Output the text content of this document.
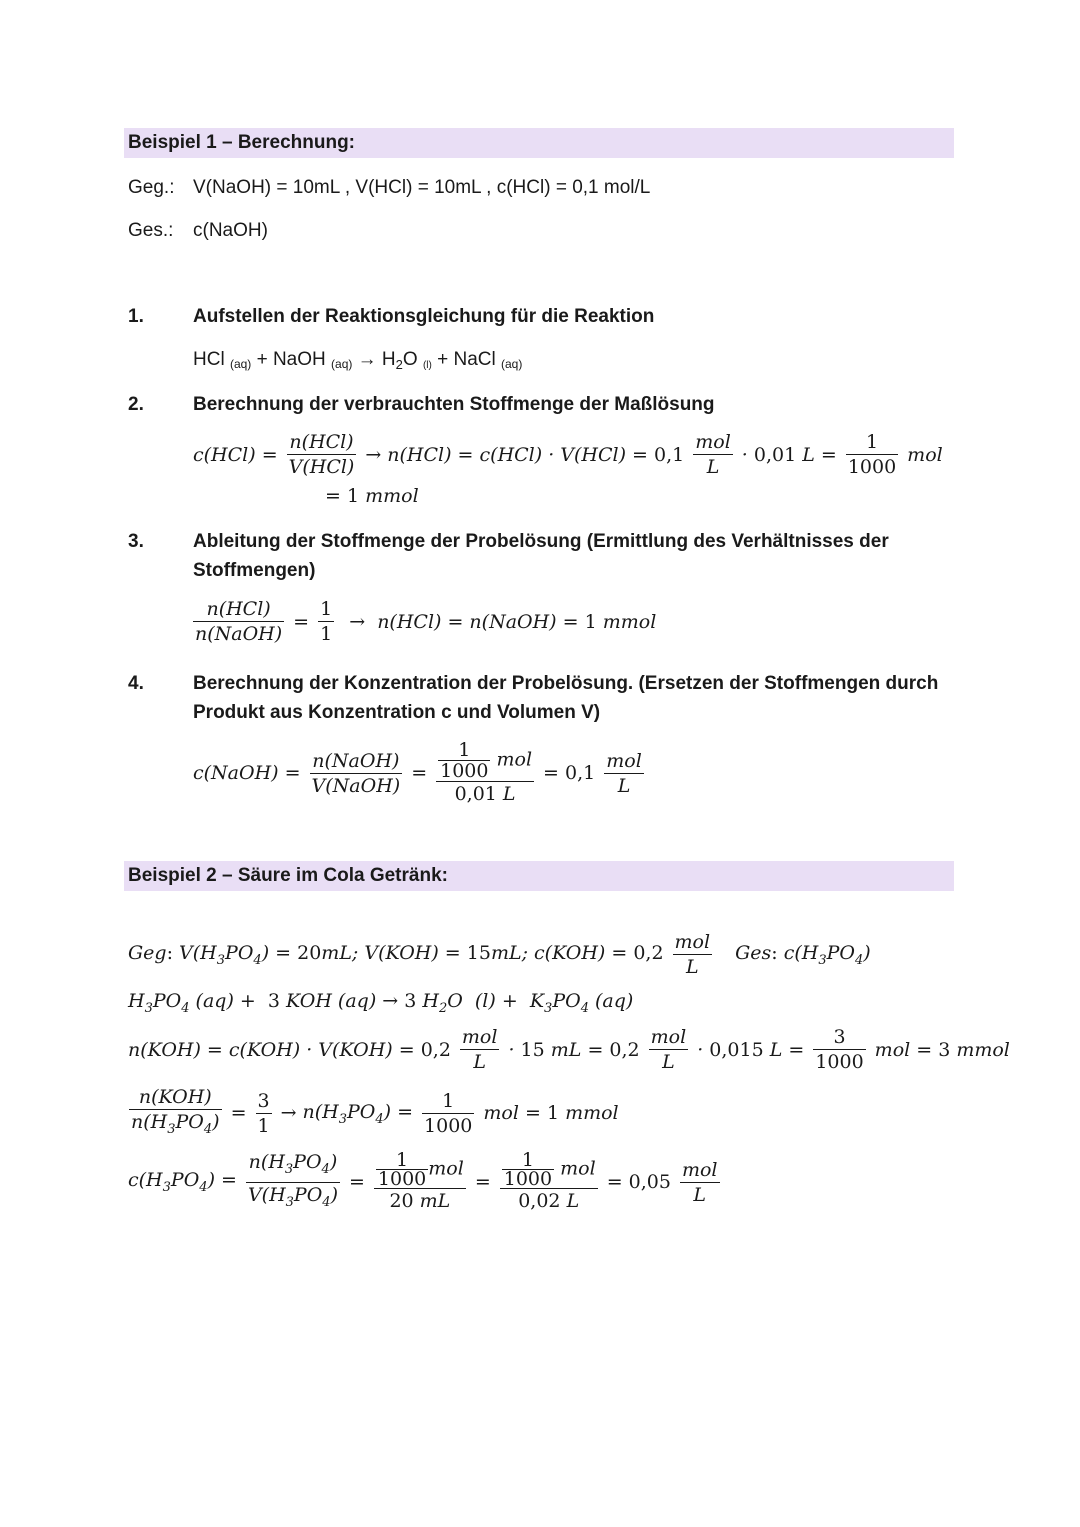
Beispiel 1 – Berechnung:
Geg.: V(NaOH) = 10mL , V(HCl) = 10mL , c(HCl) = 0,1 mol/L
Ges.: c(NaOH)
1.	Aufstellen der Reaktionsgleichung für die Reaktion
HCl (aq) + NaOH $(aq) \to H_2O$ (l) + NaCl (aq)
2.	Berechnung der verbrauchten Stoffmenge der Maßlösung
$c(HCl) = \frac{\text{n(HCl)}}{\text{V(HCl)}} \to n(HCl) = c(HCl) \cdot V(HCl) = 0,1 \frac{\text{mol}}{L} \cdot 0,01$ $L = \frac{1}{1000}$ mol
= 1 mmol
3.	Ableitung der Stoffmenge der Probelösung (Ermittlung des Verhältnisses der Stoffmengen)
$\frac{\text{n(HCl)}}{\text{n(NaOH)}} = \frac{1}{1} \to n(HCl)$ = n(NaOH) = 1 mmol
4.	Berechnung der Konzentration der Probelösung. (Ersetzen der Stoffmengen durch Produkt aus Konzentration c und Volumen V)
c(NaOH) = $\frac{\text{n(NaOH)}}{\text{V(NaOH)}} = \frac{\frac{1}{1000} mol}{0,01 L} = 0,1 \frac{\text{mol}}{L}$
Beispiel 2 – Säure im Cola Getränk:
Geg: $V(H_3PO_4) = 20mL$; V(KOH) = 15mL; $c(KOH) = 0,2 \frac{\text{mol}}{L}$ Ges: $c(H_3PO_4)$
$H_3PO_4$ (aq) +  3 KOH (aq) → 3 $H_2O$  $(l) + K_3PO_4$ (aq)
$n(KOH) = c(KOH) \cdot V(KOH) = 0,2 \frac{\text{mol}}{L} \cdot 15$ mL = $0,2 \frac{\text{mol}}{L} \cdot 0,015$ $L = \frac{3}{1000}$ mol = 3 mmol
$\frac{\text{n(KOH)}}{n(H_3PO_4)} = \frac{3}{1} \to n(H_3PO_4) = \frac{1}{1000}$ mol = 1 mmol
$c(H_3PO_4) = \frac{n(H_3PO_4)}{V(H_3PO_4)} = \frac{\frac{1}{1000} mol}{20 mL} = \frac{\frac{1}{1000} mol}{0,02 L} = 0,05 \frac{\text{mol}}{L}$
